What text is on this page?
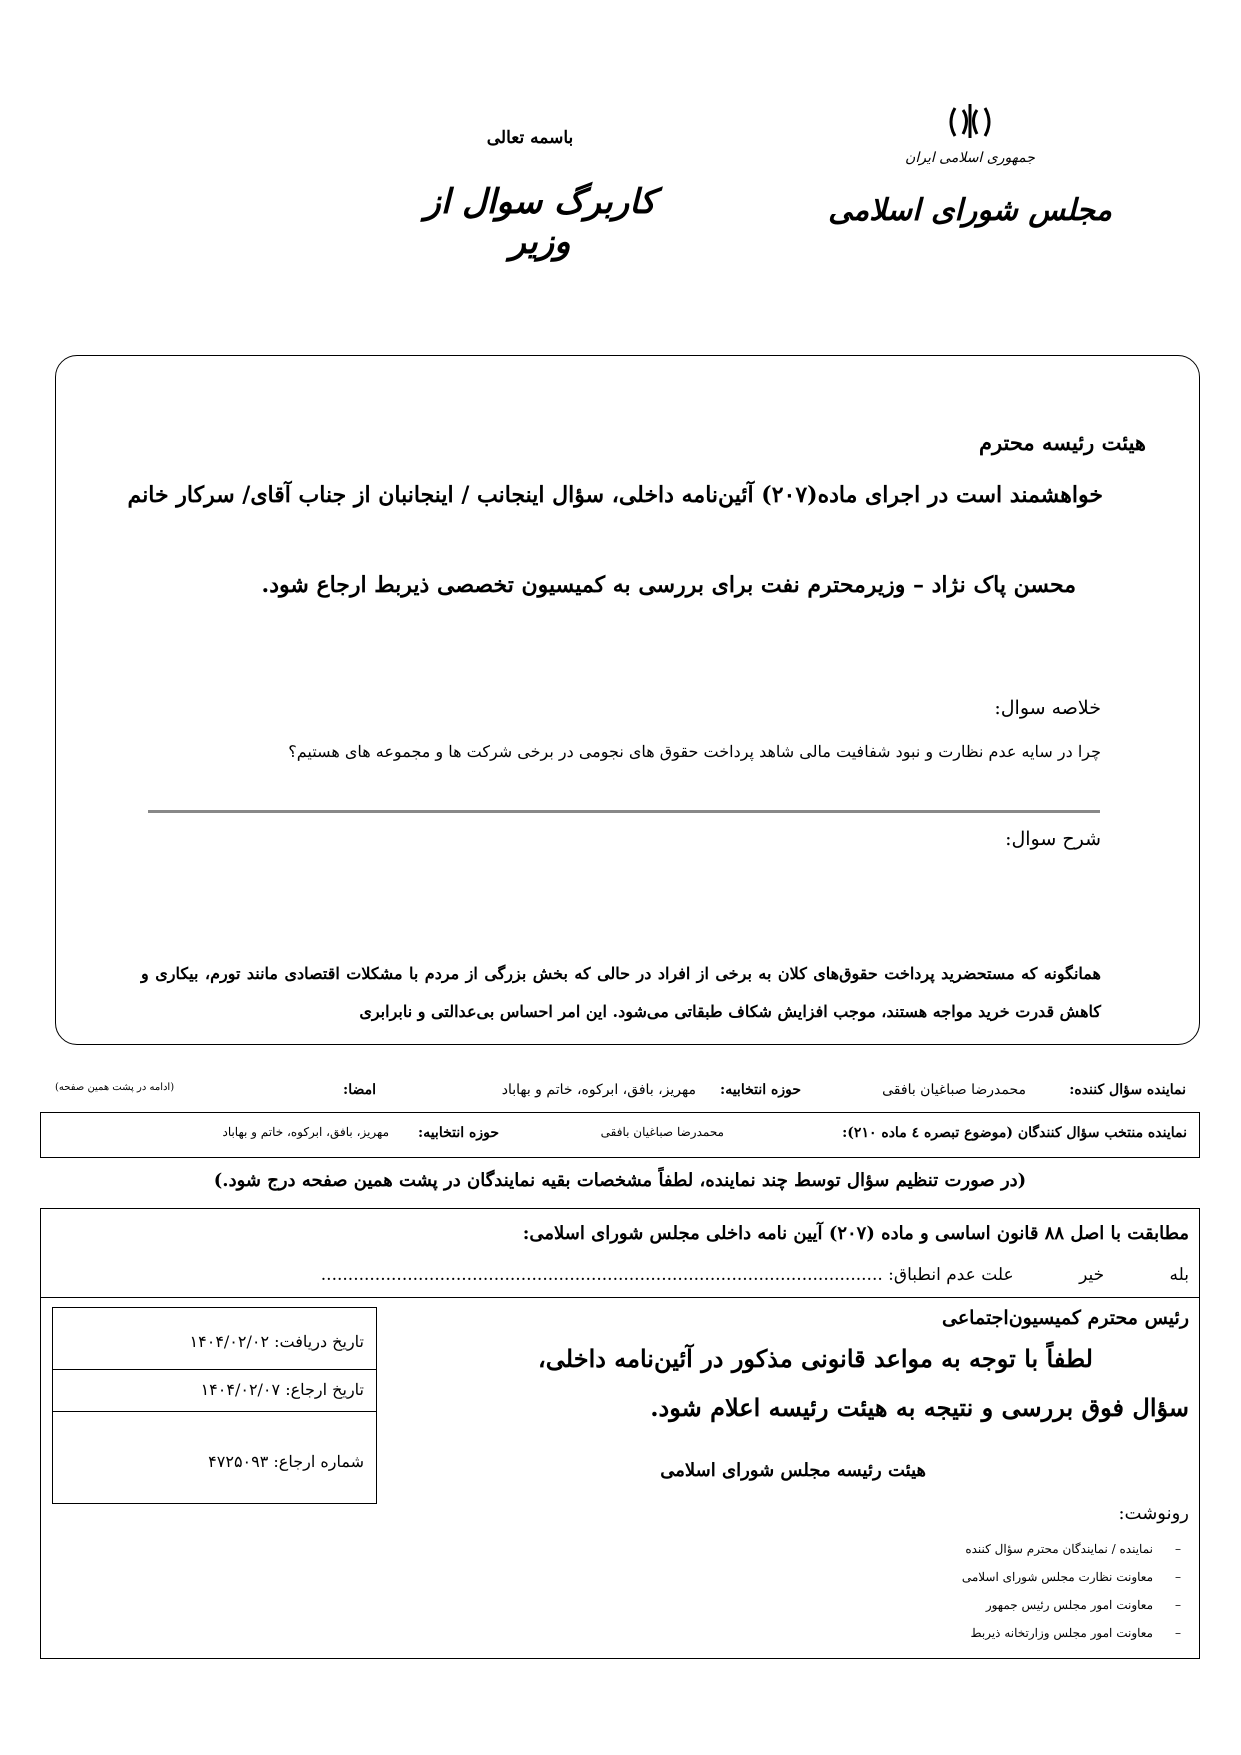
جمهوری اسلامی ایران
مجلس شورای اسلامی
باسمه تعالی
کاربرگ سوال از وزیر
هیئت رئیسه محترم
خواهشمند است در اجرای ماده(۲۰۷) آئین‌نامه داخلی، سؤال اینجانب / اینجانبان از جناب آقای/ سرکار خانم
محسن پاک نژاد – وزیرمحترم نفت برای بررسی به کمیسیون تخصصی ذیربط ارجاع شود.
خلاصه سوال:
چرا در سایه عدم نظارت و نبود شفافیت مالی شاهد پرداخت حقوق های نجومی در برخی شرکت ها و مجموعه های هستیم؟
شرح سوال:
همانگونه که مستحضرید پرداخت حقوق‌های کلان به برخی از افراد در حالی که بخش بزرگی از مردم با مشکلات اقتصادی مانند تورم، بیکاری و کاهش قدرت خرید مواجه هستند، موجب افزایش شکاف طبقاتی می‌شود. این امر احساس بی‌عدالتی و نابرابری
نماینده سؤال کننده:
محمدرضا صباغیان بافقی
حوزه انتخابیه:
مهریز، بافق، ابرکوه، خاتم و بهاباد
امضا:
(ادامه در پشت همین صفحه)
نماینده منتخب سؤال کنندگان (موضوع تبصره ٤ ماده ۲۱۰):
محمدرضا صباغیان بافقی
حوزه انتخابیه:
مهریز، بافق، ابرکوه، خاتم و بهاباد
(در صورت تنظیم سؤال توسط چند نماینده، لطفاً مشخصات بقیه نمایندگان در پشت همین صفحه درج شود.)
مطابقت با اصل ۸۸ قانون اساسی و ماده (۲۰۷) آیین نامه داخلی مجلس شورای اسلامی:
بله خیر علت عدم انطباق: ........................................................................................................
تاریخ دریافت: ۱۴۰۴/۰۲/۰۲
تاریخ ارجاع: ۱۴۰۴/۰۲/۰۷
شماره ارجاع: ۴۷۲۵۰۹۳
رئیس محترم کمیسیون‌اجتماعی
لطفاً با توجه به مواعد قانونی مذکور در آئین‌نامه داخلی،
سؤال فوق بررسی و نتیجه به هیئت رئیسه اعلام شود.
هیئت رئیسه مجلس شورای اسلامی
رونوشت:
– نماینده / نمایندگان محترم سؤال کننده
– معاونت نظارت مجلس شورای اسلامی
– معاونت امور مجلس رئیس جمهور
– معاونت امور مجلس وزارتخانه ذیربط
